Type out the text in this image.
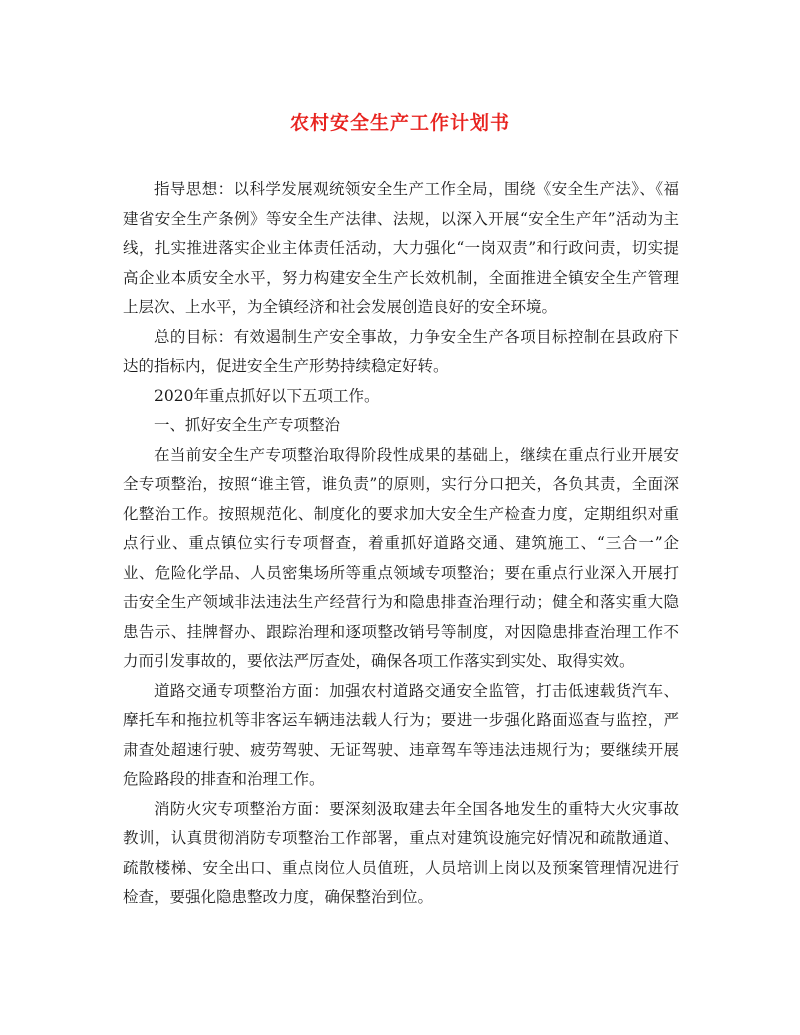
农村安全生产工作计划书

指导思想：以科学发展观统领安全生产工作全局，围绕《安全生产法》、《福建省安全生产条例》等安全生产法律、法规，以深入开展“安全生产年”活动为主线，扎实推进落实企业主体责任活动，大力强化“一岗双责”和行政问责，切实提高企业本质安全水平，努力构建安全生产长效机制，全面推进全镇安全生产管理上层次、上水平，为全镇经济和社会发展创造良好的安全环境。

总的目标：有效遏制生产安全事故，力争安全生产各项目标控制在县政府下达的指标内，促进安全生产形势持续稳定好转。

2020年重点抓好以下五项工作。

一、抓好安全生产专项整治

在当前安全生产专项整治取得阶段性成果的基础上，继续在重点行业开展安全专项整治，按照“谁主管，谁负责”的原则，实行分口把关，各负其责，全面深化整治工作。按照规范化、制度化的要求加大安全生产检查力度，定期组织对重点行业、重点镇位实行专项督查，着重抓好道路交通、建筑施工、“三合一”企业、危险化学品、人员密集场所等重点领域专项整治；要在重点行业深入开展打击安全生产领域非法违法生产经营行为和隐患排查治理行动；健全和落实重大隐患告示、挂牌督办、跟踪治理和逐项整改销号等制度，对因隐患排查治理工作不力而引发事故的，要依法严厉查处，确保各项工作落实到实处、取得实效。

道路交通专项整治方面：加强农村道路交通安全监管，打击低速载货汽车、摩托车和拖拉机等非客运车辆违法载人行为；要进一步强化路面巡查与监控，严肃查处超速行驶、疲劳驾驶、无证驾驶、违章驾车等违法违规行为；要继续开展危险路段的排查和治理工作。

消防火灾专项整治方面：要深刻汲取建去年全国各地发生的重特大火灾事故教训，认真贯彻消防专项整治工作部署，重点对建筑设施完好情况和疏散通道、疏散楼梯、安全出口、重点岗位人员值班，人员培训上岗以及预案管理情况进行检查，要强化隐患整改力度，确保整治到位。
